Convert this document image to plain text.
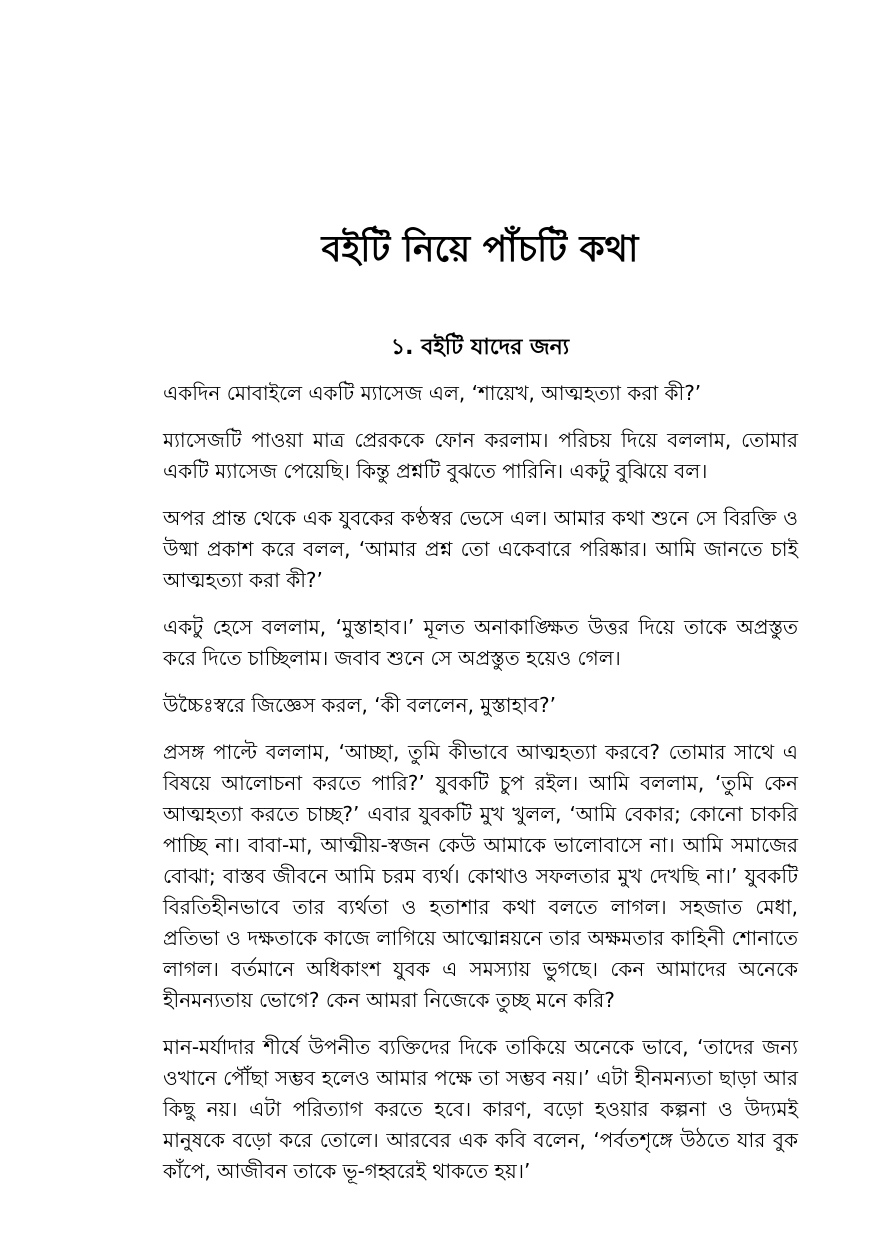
বইটি নিয়ে পাঁচটি কথা
১. বইটি যাদের জন্য

একদিন মোবাইলে একটি ম্যাসেজ এল, ‘শায়েখ, আত্মহত্যা করা কী?’

ম্যাসেজটি পাওয়া মাত্র প্রেরককে ফোন করলাম। পরিচয় দিয়ে বললাম, তোমার একটি ম্যাসেজ পেয়েছি। কিন্তু প্রশ্নটি বুঝতে পারিনি। একটু বুঝিয়ে বল।

অপর প্রান্ত থেকে এক যুবকের কণ্ঠস্বর ভেসে এল। আমার কথা শুনে সে বিরক্তি ও উষ্মা প্রকাশ করে বলল, ‘আমার প্রশ্ন তো একেবারে পরিষ্কার। আমি জানতে চাই আত্মহত্যা করা কী?’

একটু হেসে বললাম, ‘মুস্তাহাব।’ মূলত অনাকাঙ্ক্ষিত উত্তর দিয়ে তাকে অপ্রস্তুত করে দিতে চাচ্ছিলাম। জবাব শুনে সে অপ্রস্তুত হয়েও গেল।

উচ্চৈঃস্বরে জিজ্ঞেস করল, ‘কী বললেন, মুস্তাহাব?’

প্রসঙ্গ পাল্টে বললাম, ‘আচ্ছা, তুমি কীভাবে আত্মহত্যা করবে? তোমার সাথে এ বিষয়ে আলোচনা করতে পারি?’ যুবকটি চুপ রইল। আমি বললাম, ‘তুমি কেন আত্মহত্যা করতে চাচ্ছ?’ এবার যুবকটি মুখ খুলল, ‘আমি বেকার; কোনো চাকরি পাচ্ছি না। বাবা-মা, আত্মীয়-স্বজন কেউ আমাকে ভালোবাসে না। আমি সমাজের বোঝা; বাস্তব জীবনে আমি চরম ব্যর্থ। কোথাও সফলতার মুখ দেখছি না।’ যুবকটি বিরতিহীনভাবে তার ব্যর্থতা ও হতাশার কথা বলতে লাগল। সহজাত মেধা, প্রতিভা ও দক্ষতাকে কাজে লাগিয়ে আত্মোন্নয়নে তার অক্ষমতার কাহিনী শোনাতে লাগল। বর্তমানে অধিকাংশ যুবক এ সমস্যায় ভুগছে। কেন আমাদের অনেকে হীনমন্যতায় ভোগে? কেন আমরা নিজেকে তুচ্ছ মনে করি?

মান-মর্যাদার শীর্ষে উপনীত ব্যক্তিদের দিকে তাকিয়ে অনেকে ভাবে, ‘তাদের জন্য ওখানে পৌঁছা সম্ভব হলেও আমার পক্ষে তা সম্ভব নয়।’ এটা হীনমন্যতা ছাড়া আর কিছু নয়। এটা পরিত্যাগ করতে হবে। কারণ, বড়ো হওয়ার কল্পনা ও উদ্যমই মানুষকে বড়ো করে তোলে। আরবের এক কবি বলেন, ‘পর্বতশৃঙ্গে উঠতে যার বুক কাঁপে, আজীবন তাকে ভূ-গহ্বরেই থাকতে হয়।’
